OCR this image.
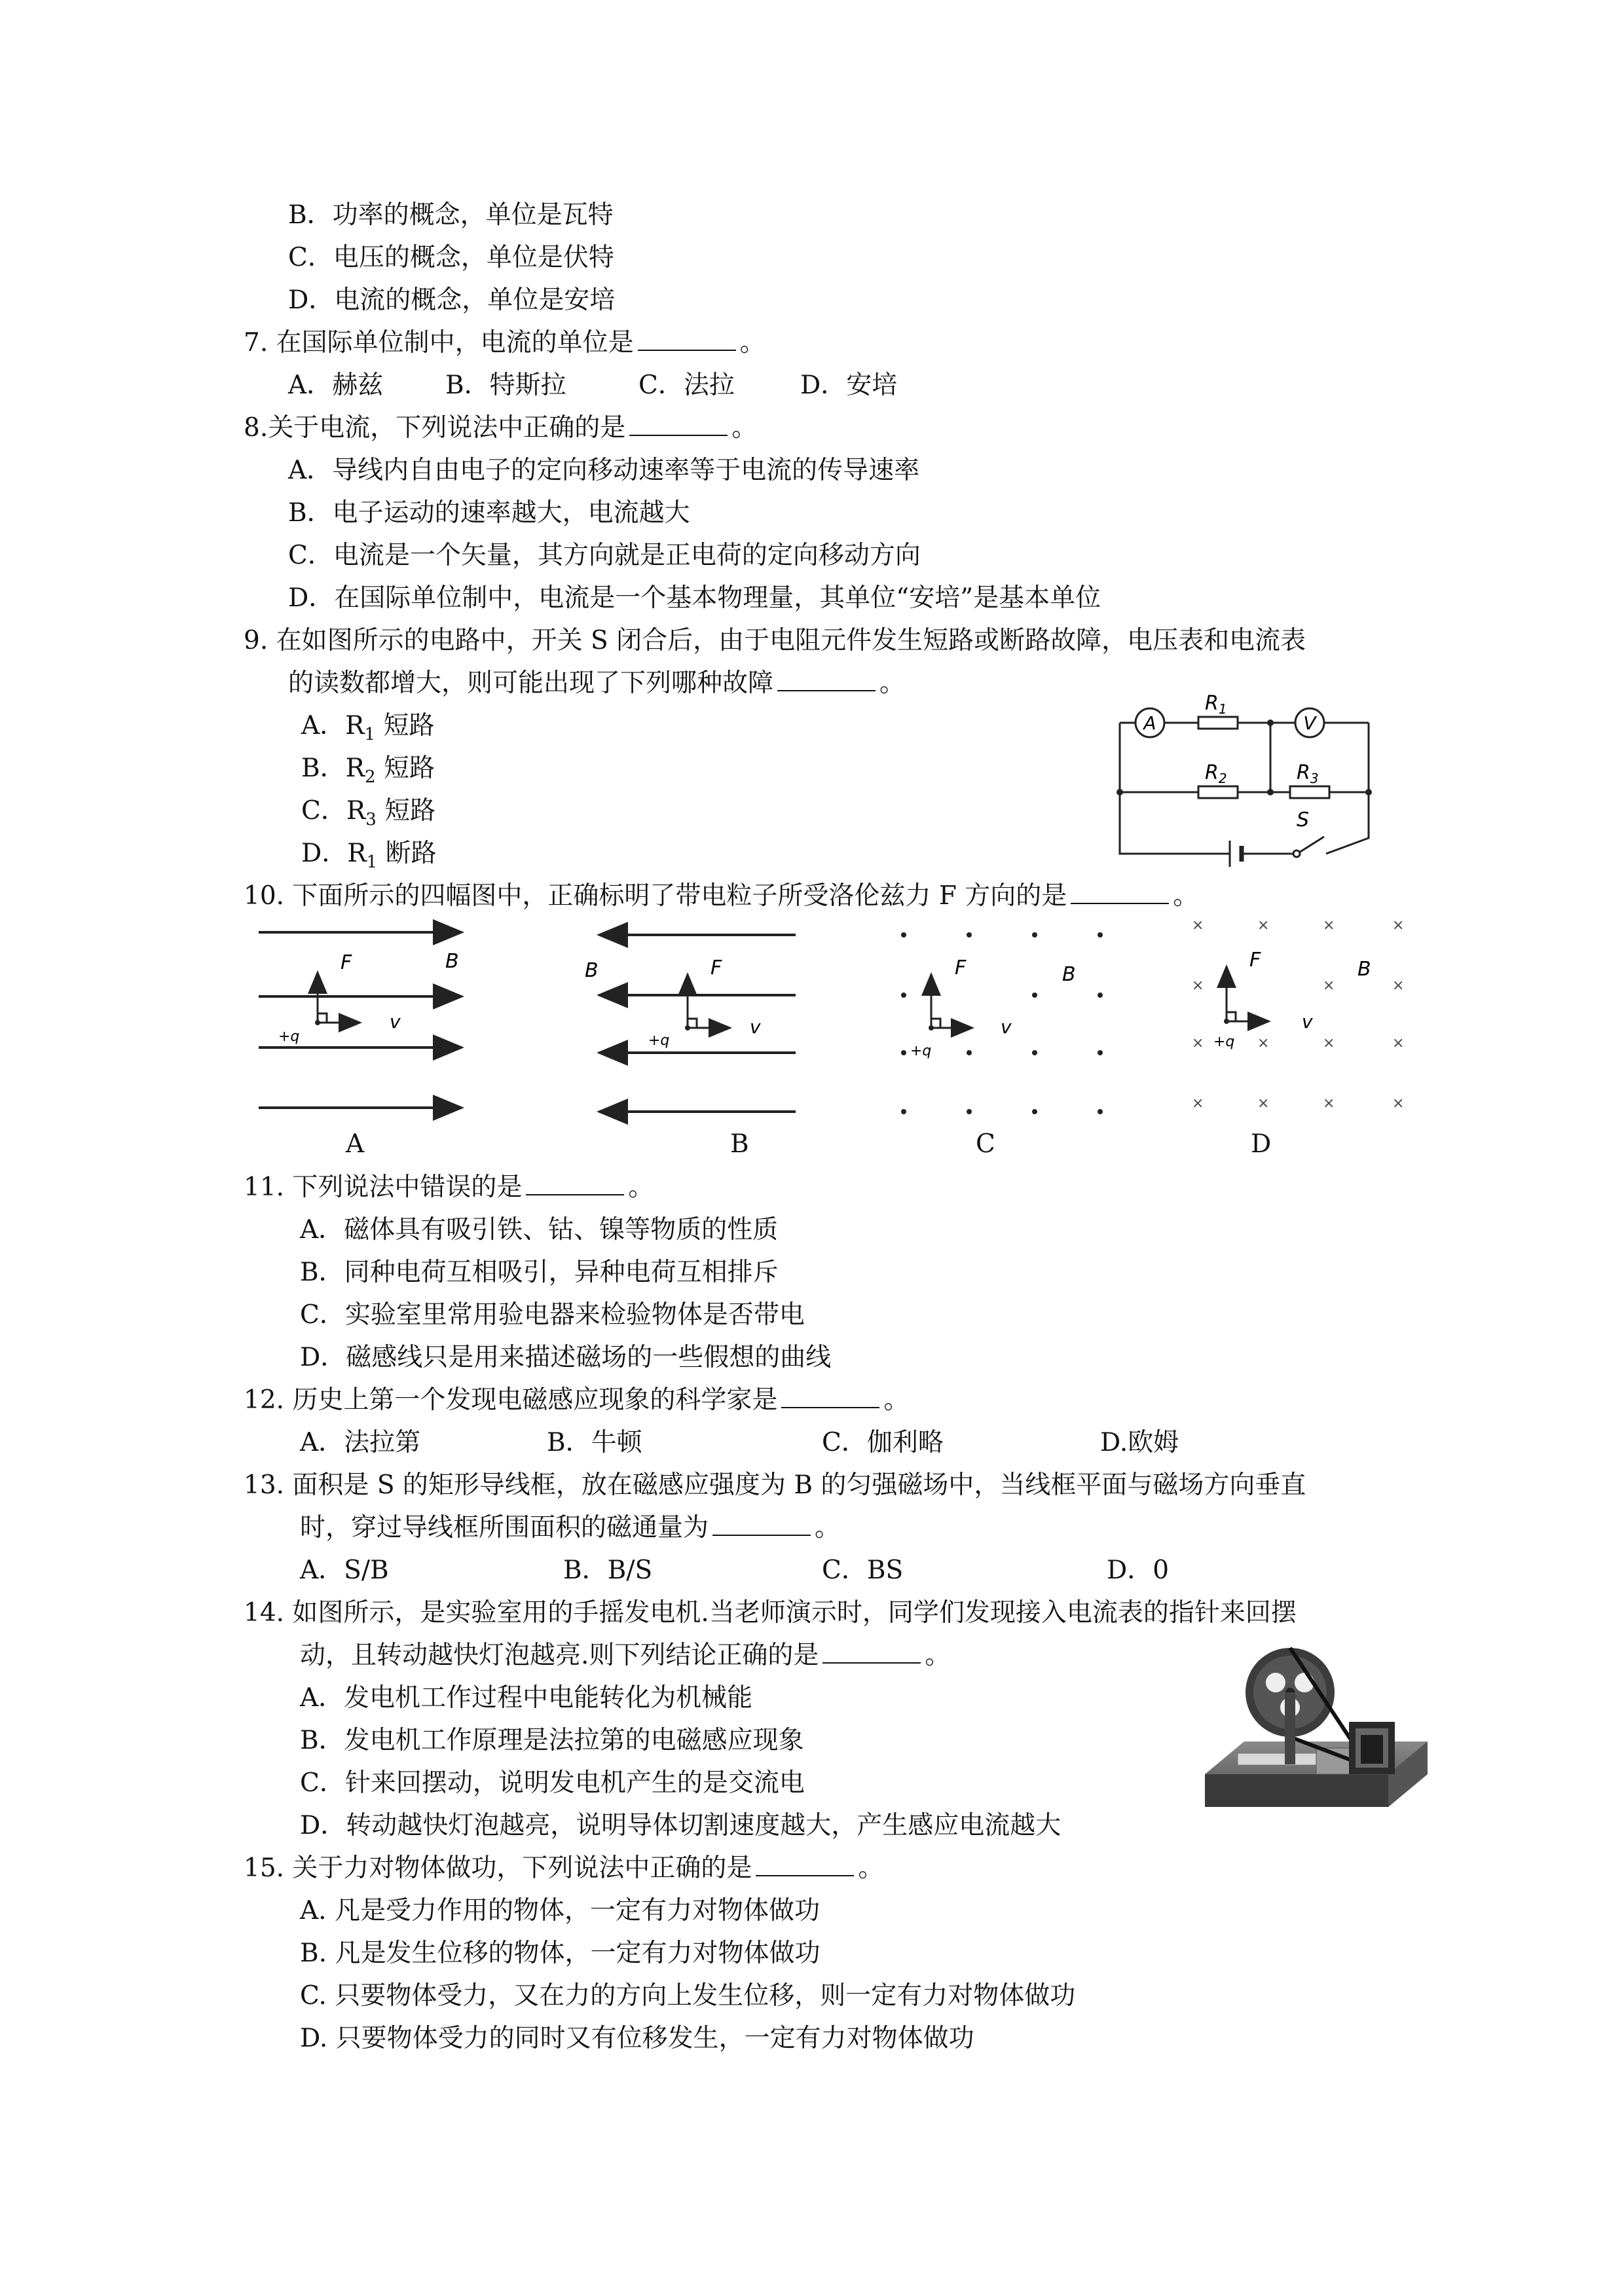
B．功率的概念，单位是瓦特
C．电压的概念，单位是伏特
D．电流的概念，单位是安培
7. 在国际单位制中，电流的单位是	。
A．赫兹 B．特斯拉	C．法拉	D．安培
8.关于电流，下列说法中正确的是	。
A．导线内自由电子的定向移动速率等于电流的传导速率
B．电子运动的速率越大，电流越大
C．电流是一个矢量，其方向就是正电荷的定向移动方向
D．在国际单位制中，电流是一个基本物理量，其单位“安培”是基本单位
9. 在如图所示的电路中，开关 S 闭合后，由于电阻元件发生短路或断路故障，电压表和电流表
的读数都增大，则可能出现了下列哪种故障	。
A．$R_1$ 短路
B．$R_2$ 短路
C．$R_3$ 短路
D．$R_1$ 断路
A	V
$R_1$
$R_2$	$R_3$
S
10. 下面所示的四幅图中，正确标明了带电粒子所受洛伦兹力 F 方向的是	。
F	B
v
+q
F
B
v
+q
F	B
v
+q
×	×	×	×
×	×	×
×	×	×	×
×	×	×	×
F	B
v
+q
A	B	C	D
11. 下列说法中错误的是	。
A．磁体具有吸引铁、钴、镍等物质的性质
B．同种电荷互相吸引，异种电荷互相排斥
C．实验室里常用验电器来检验物体是否带电
D．磁感线只是用来描述磁场的一些假想的曲线
12. 历史上第一个发现电磁感应现象的科学家是	。
A．法拉第	B．牛顿	C．伽利略	D.欧姆
13. 面积是 S 的矩形导线框，放在磁感应强度为 B 的匀强磁场中，当线框平面与磁场方向垂直
时，穿过导线框所围面积的磁通量为	。
A．S/B	B．B/S	C．BS	D．0
14. 如图所示，是实验室用的手摇发电机.当老师演示时，同学们发现接入电流表的指针来回摆
动，且转动越快灯泡越亮.则下列结论正确的是	。
A．发电机工作过程中电能转化为机械能
B．发电机工作原理是法拉第的电磁感应现象
C．针来回摆动，说明发电机产生的是交流电
D．转动越快灯泡越亮，说明导体切割速度越大，产生感应电流越大
15. 关于力对物体做功，下列说法中正确的是	。
A. 凡是受力作用的物体，一定有力对物体做功
B. 凡是发生位移的物体，一定有力对物体做功
C. 只要物体受力，又在力的方向上发生位移，则一定有力对物体做功
D. 只要物体受力的同时又有位移发生，一定有力对物体做功
